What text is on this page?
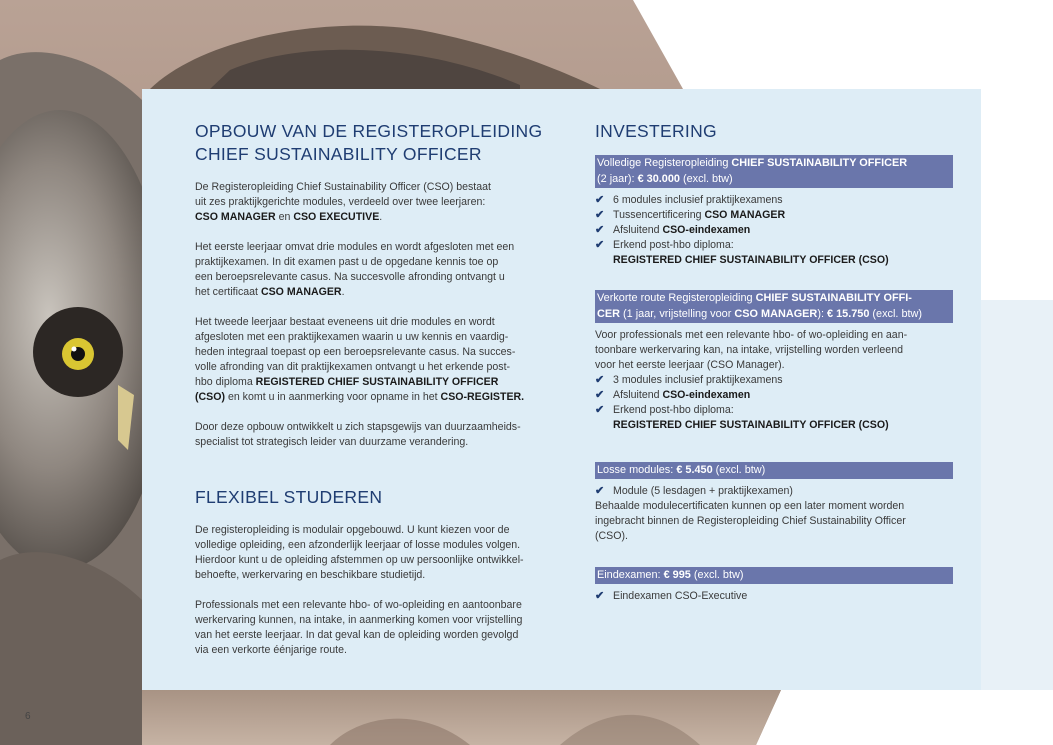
OPBOUW VAN DE REGISTEROPLEIDING
CHIEF SUSTAINABILITY OFFICER

De Registeropleiding Chief Sustainability Officer (CSO) bestaat
uit zes praktijkgerichte modules, verdeeld over twee leerjaren:
CSO MANAGER en CSO EXECUTIVE.

Het eerste leerjaar omvat drie modules en wordt afgesloten met een
praktijkexamen. In dit examen past u de opgedane kennis toe op
een beroepsrelevante casus. Na succesvolle afronding ontvangt u
het certificaat CSO MANAGER.

Het tweede leerjaar bestaat eveneens uit drie modules en wordt
afgesloten met een praktijkexamen waarin u uw kennis en vaardig-
heden integraal toepast op een beroepsrelevante casus. Na succes-
volle afronding van dit praktijkexamen ontvangt u het erkende post-
hbo diploma REGISTERED CHIEF SUSTAINABILITY OFFICER
(CSO) en komt u in aanmerking voor opname in het CSO-REGISTER.

Door deze opbouw ontwikkelt u zich stapsgewijs van duurzaamheids-
specialist tot strategisch leider van duurzame verandering.

FLEXIBEL STUDEREN

De registeropleiding is modulair opgebouwd. U kunt kiezen voor de
volledige opleiding, een afzonderlijk leerjaar of losse modules volgen.
Hierdoor kunt u de opleiding afstemmen op uw persoonlijke ontwikkel-
behoefte, werkervaring en beschikbare studietijd.

Professionals met een relevante hbo- of wo-opleiding en aantoonbare
werkervaring kunnen, na intake, in aanmerking komen voor vrijstelling
van het eerste leerjaar. In dat geval kan de opleiding worden gevolgd
via een verkorte éénjarige route.

INVESTERING
Volledige Registeropleiding CHIEF SUSTAINABILITY OFFICER
(2 jaar): € 30.000 (excl. btw)
✔ 6 modules inclusief praktijkexamens
✔ Tussencertificering CSO MANAGER
✔ Afsluitend CSO-eindexamen
✔ Erkend post-hbo diploma:
REGISTERED CHIEF SUSTAINABILITY OFFICER (CSO)
Verkorte route Registeropleiding CHIEF SUSTAINABILITY OFFI-
CER (1 jaar, vrijstelling voor CSO MANAGER): € 15.750 (excl. btw)

Voor professionals met een relevante hbo- of wo-opleiding en aan-
toonbare werkervaring kan, na intake, vrijstelling worden verleend
voor het eerste leerjaar (CSO Manager).

✔ 3 modules inclusief praktijkexamens
✔ Afsluitend CSO-eindexamen
✔ Erkend post-hbo diploma:
REGISTERED CHIEF SUSTAINABILITY OFFICER (CSO)
Losse modules: € 5.450 (excl. btw)
✔ Module (5 lesdagen + praktijkexamen)

Behaalde modulecertificaten kunnen op een later moment worden
ingebracht binnen de Registeropleiding Chief Sustainability Officer
(CSO).

Eindexamen: € 995 (excl. btw)
✔ Eindexamen CSO-Executive
6
